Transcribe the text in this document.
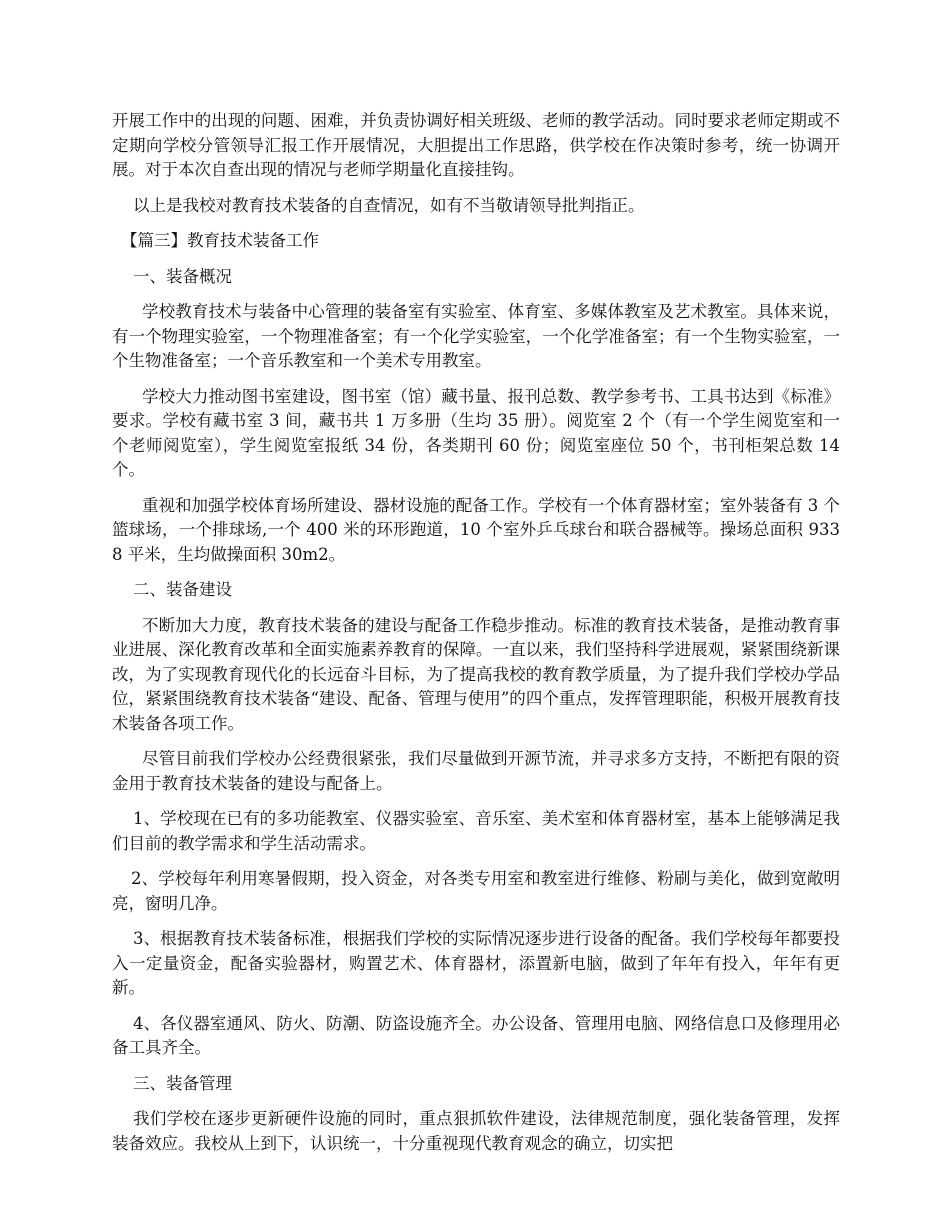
开展工作中的出现的问题、困难，并负责协调好相关班级、老师的教学活动。同时要求老师定期或不定期向学校分管领导汇报工作开展情况，大胆提出工作思路，供学校在作决策时参考，统一协调开展。对于本次自查出现的情况与老师学期量化直接挂钩。

以上是我校对教育技术装备的自查情况，如有不当敬请领导批判指正。

【篇三】教育技术装备工作

一、装备概况

学校教育技术与装备中心管理的装备室有实验室、体育室、多媒体教室及艺术教室。具体来说，有一个物理实验室，一个物理准备室；有一个化学实验室，一个化学准备室；有一个生物实验室，一个生物准备室；一个音乐教室和一个美术专用教室。

学校大力推动图书室建设，图书室（馆）藏书量、报刊总数、教学参考书、工具书达到《标准》要求。学校有藏书室 3 间，藏书共 1 万多册（生均 35 册）。阅览室 2 个（有一个学生阅览室和一个老师阅览室），学生阅览室报纸 34 份，各类期刊 60 份；阅览室座位 50 个，书刊柜架总数 14 个。

重视和加强学校体育场所建设、器材设施的配备工作。学校有一个体育器材室；室外装备有 3 个篮球场，一个排球场,一个 400 米的环形跑道，10 个室外乒乓球台和联合器械等。操场总面积 9338 平米，生均做操面积 30m2。

二、装备建设

不断加大力度，教育技术装备的建设与配备工作稳步推动。标准的教育技术装备，是推动教育事业进展、深化教育改革和全面实施素养教育的保障。一直以来，我们坚持科学进展观，紧紧围绕新课改，为了实现教育现代化的长远奋斗目标，为了提高我校的教育教学质量，为了提升我们学校办学品位，紧紧围绕教育技术装备“建设、配备、管理与使用”的四个重点，发挥管理职能，积极开展教育技术装备各项工作。

尽管目前我们学校办公经费很紧张，我们尽量做到开源节流，并寻求多方支持，不断把有限的资金用于教育技术装备的建设与配备上。

1、学校现在已有的多功能教室、仪器实验室、音乐室、美术室和体育器材室，基本上能够满足我们目前的教学需求和学生活动需求。

2、学校每年利用寒暑假期，投入资金，对各类专用室和教室进行维修、粉刷与美化，做到宽敞明亮，窗明几净。

3、根据教育技术装备标准，根据我们学校的实际情况逐步进行设备的配备。我们学校每年都要投入一定量资金，配备实验器材，购置艺术、体育器材，添置新电脑，做到了年年有投入，年年有更新。

4、各仪器室通风、防火、防潮、防盗设施齐全。办公设备、管理用电脑、网络信息口及修理用必备工具齐全。

三、装备管理

我们学校在逐步更新硬件设施的同时，重点狠抓软件建设，法律规范制度，强化装备管理，发挥装备效应。我校从上到下，认识统一，十分重视现代教育观念的确立，切实把
